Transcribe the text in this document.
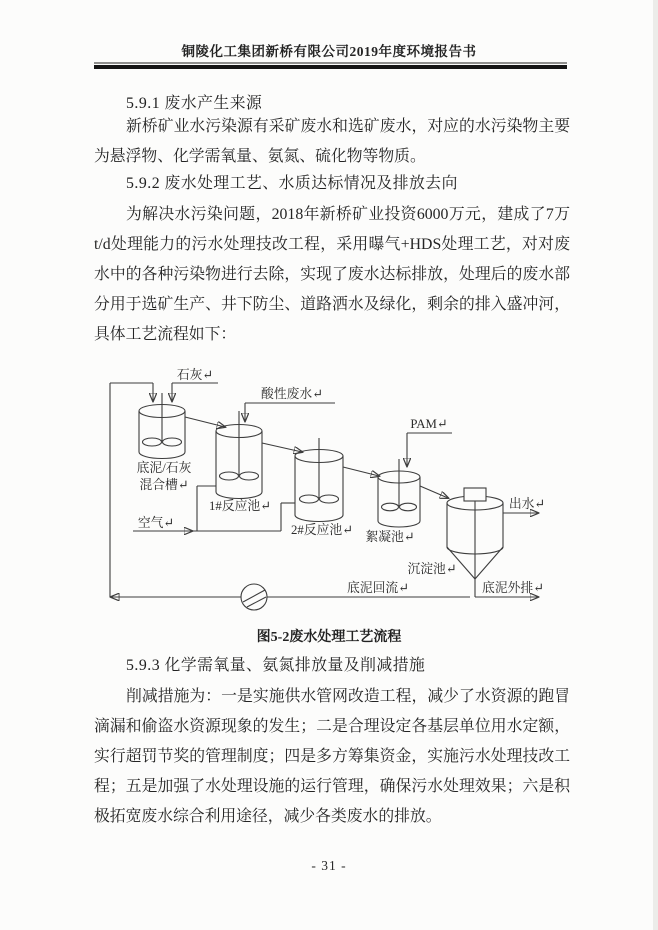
铜陵化工集团新桥有限公司2019年度环境报告书
5.9.1 废水产生来源
新桥矿业水污染源有采矿废水和选矿废水，对应的水污染物主要
为悬浮物、化学需氧量、氨氮、硫化物等物质。
5.9.2 废水处理工艺、水质达标情况及排放去向
为解决水污染问题，2018年新桥矿业投资6000万元，建成了7万
t/d处理能力的污水处理技改工程，采用曝气+HDS处理工艺，对对废
水中的各种污染物进行去除，实现了废水达标排放，处理后的废水部
分用于选矿生产、井下防尘、道路洒水及绿化，剩余的排入盛冲河，
具体工艺流程如下：
石灰↵
底泥/石灰
混合槽↵
酸性废水↵
1#反应池↵
2#反应池↵
PAM↵
絮凝池↵
沉淀池↵
出水↵
空气↵
底泥回流↵	底泥外排↵
图5-2废水处理工艺流程
5.9.3 化学需氧量、氨氮排放量及削减措施
削减措施为：一是实施供水管网改造工程，减少了水资源的跑冒
滴漏和偷盗水资源现象的发生；二是合理设定各基层单位用水定额，
实行超罚节奖的管理制度；四是多方筹集资金，实施污水处理技改工
程；五是加强了水处理设施的运行管理，确保污水处理效果；六是积
极拓宽废水综合利用途径，减少各类废水的排放。
- 31 -
